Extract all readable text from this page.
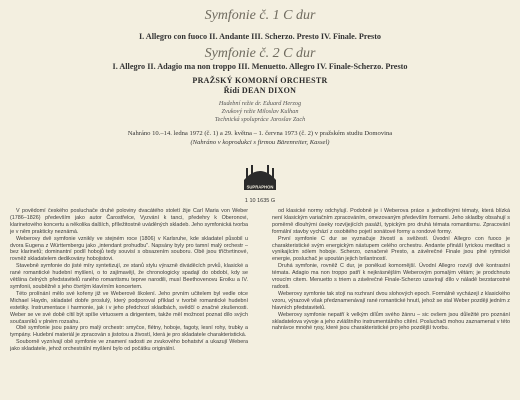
Symfonie č. 1 C dur
I. Allegro con fuoco II. Andante III. Scherzo. Presto IV. Finale. Presto
Symfonie č. 2 C dur
I. Allegro II. Adagio ma non troppo III. Menuetto. Allegro IV. Finale-Scherzo. Presto
PRAŽSKÝ KOMORNÍ ORCHESTR
Řídí DEAN DIXON
Hudební režie dr. Eduard Herzog
Zvukový režie Miloslav Kulhan
Technická spolupráce Jaroslav Zach
Nahráno 10.–14. ledna 1972 (č. 1) a 29. května – 1. června 1973 (č. 2) v pražském studiu Domovina
(Nahráno v koprodukci s firmou Bärenreiter, Kassel)
SUPRAPHON
1 10 1635 G

V povědomí českého posluchače druhé poloviny dvacátého století žije Carl Maria von Weber (1786–1826) především jako autor Čarostřelce, Vyzvání k tanci, předehry k Oberonovi, klarinetového koncertu a několika dalších, příležitostně uváděných skladeb. Jeho symfonická tvorba je v něm prakticky neznámá.

Weberovy dvě symfonie vznikly ve stejném roce (1806) v Karlsruhe, kde skladatel působil u dvora Eugena z Württembergu jako „intendant prohudbu". Napsány byly pro tamní malý orchestr – bez klarinetů; dominantní podíl hobojů tedy souvisí s obsazením souboru. Obě jsou tříčtvrtinové, rovněž skladatelem dedikovány hobojistovi.

Stavebně symfonie do jisté míry syntetizují, ze stanů stylu výrazně diváděcích prvků, klasické a rané romantické hudební myšlení, o to zajímavějí, že chronologicky spadají do období, kdy se většina čelných představitelů raného romantismu teprve narodili, musí Beethovenovu Eroiku a IV. symfonii, souběžně s jeho čtvrtým klavírním koncertem.

Této prolínání mělo své kořeny již ve Weberově školení. Jeho prvním učitelem byl vedle otce Michael Haydn, skladatel dobře proslulý, který podporoval příklad v tvorbě romantické hudební estetiky. Instrumentace i harmonie, jak i v jeho předchozí skladbách, svědčí o značné zkušenosti. Weber se ve své době cítil být spíše virtuosem a dirigentem, takže měl možnost poznat dílo svých současníků v plném rozsahu.

Obě symfonie jsou psány pro malý orchestr: smyčce, flétny, hoboje, fagoty, lesní rohy, trubky a tympány. Hudební materiál je zpracován s jistotou a živostí, která je pro skladatele charakteristická.

Souborně vyznívají obě symfonie ve znamení radosti ze zvukového bohatství a ukazují Webera jako skladatele, jehož orchestrální myšlení bylo od počátku originální.

od klasické normy odchylují. Podobně je i Weberova práce s jednotlivými tématy, která blízká není klasickým variačním zpracováním, omezovaným především formami. Jeho skladby obsahují s poměrně dlouhými úseky rozvíjejících pasáží, typickým pro druhá témata romantismu. Zpracování formální stavby vychází z osobitého pojetí sonátové formy a rondové formy.

První symfonie C dur se vyznačuje živostí a svěžestí. Úvodní Allegro con fuoco je charakteristické svým energickým nástupem celého orchestru. Andante přináší lyrickou meditaci s vynikajícím sólem hoboje. Scherzo, označené Presto, a závěrečné Finale jsou plné rytmické energie, posluchač je upoután jejich brilantností.

Druhá symfonie, rovněž C dur, je poněkud komornější. Úvodní Allegro rozvíjí dvě kontrastní témata. Adagio ma non troppo patří k nejkrásnějším Weberovým pomalým větám; je prodchnuto vroucím citem. Menuetto s triem a závěrečné Finale-Scherzo uzavírají dílo v náladě bezstarostné radosti.

Weberovy symfonie tak stojí na rozhraní dvou slohových epoch. Formálně vycházejí z klasického vzoru, výrazově však předznamenávají rané romantické hnutí, jehož se stal Weber později jedním z hlavních představitelů.

Weberovy symfonie nepatří k velkým dílům svého žánru – sic ovšem jsou důležité pro poznání skladatelova vývoje a jeho zvláštního instrumentálního cítění. Posluchači mohou zaznamenat v této nahrávce mnohé rysy, které jsou charakteristické pro jeho pozdější tvorbu.
